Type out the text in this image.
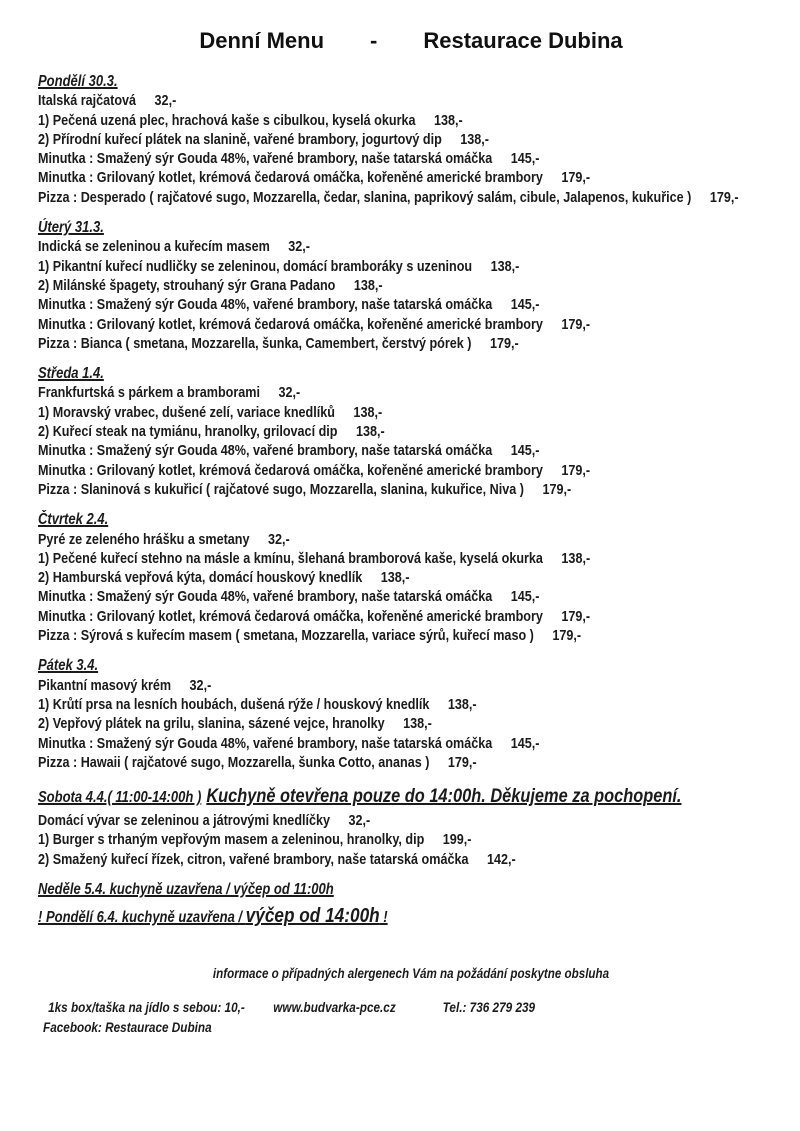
Denní Menu - Restaurace Dubina
Pondělí 30.3.
Italská rajčatová 32,-
1) Pečená uzená plec, hrachová kaše s cibulkou, kyselá okurka 138,-
2) Přírodní kuřecí plátek na slanině, vařené brambory, jogurtový dip 138,-
Minutka : Smažený sýr Gouda 48%, vařené brambory, naše tatarská omáčka 145,-
Minutka : Grilovaný kotlet, krémová čedarová omáčka, kořeněné americké brambory 179,-
Pizza : Desperado ( rajčatové sugo, Mozzarella, čedar, slanina, paprikový salám, cibule, Jalapenos, kukuřice ) 179,-
Úterý 31.3.
Indická se zeleninou a kuřecím masem 32,-
1) Pikantní kuřecí nudličky se zeleninou, domácí bramboráky s uzeninou 138,-
2) Milánské špagety, strouhaný sýr Grana Padano 138,-
Minutka : Smažený sýr Gouda 48%, vařené brambory, naše tatarská omáčka 145,-
Minutka : Grilovaný kotlet, krémová čedarová omáčka, kořeněné americké brambory 179,-
Pizza : Bianca ( smetana, Mozzarella, šunka, Camembert, čerstvý pórek ) 179,-
Středa 1.4.
Frankfurtská s párkem a bramborami 32,-
1) Moravský vrabec, dušené zelí, variace knedlíků 138,-
2) Kuřecí steak na tymiánu, hranolky, grilovací dip 138,-
Minutka : Smažený sýr Gouda 48%, vařené brambory, naše tatarská omáčka 145,-
Minutka : Grilovaný kotlet, krémová čedarová omáčka, kořeněné americké brambory 179,-
Pizza : Slaninová s kukuřicí ( rajčatové sugo, Mozzarella, slanina, kukuřice, Niva ) 179,-
Čtvrtek 2.4.
Pyré ze zeleného hrášku a smetany 32,-
1) Pečené kuřecí stehno na másle a kmínu, šlehaná bramborová kaše, kyselá okurka 138,-
2) Hamburská vepřová kýta, domácí houskový knedlík 138,-
Minutka : Smažený sýr Gouda 48%, vařené brambory, naše tatarská omáčka 145,-
Minutka : Grilovaný kotlet, krémová čedarová omáčka, kořeněné americké brambory 179,-
Pizza : Sýrová s kuřecím masem ( smetana, Mozzarella, variace sýrů, kuřecí maso ) 179,-
Pátek 3.4.
Pikantní masový krém 32,-
1) Krůtí prsa na lesních houbách, dušená rýže / houskový knedlík 138,-
2) Vepřový plátek na grilu, slanina, sázené vejce, hranolky 138,-
Minutka : Smažený sýr Gouda 48%, vařené brambory, naše tatarská omáčka 145,-
Pizza : Hawaii ( rajčatové sugo, Mozzarella, šunka Cotto, ananas ) 179,-
Sobota 4.4.( 11:00-14:00h ) Kuchyně otevřena pouze do 14:00h. Děkujeme za pochopení.
Domácí vývar se zeleninou a játrovými knedlíčky 32,-
1) Burger s trhaným vepřovým masem a zeleninou, hranolky, dip 199,-
2) Smažený kuřecí řízek, citron, vařené brambory, naše tatarská omáčka 142,-
Neděle 5.4. kuchyně uzavřena / výčep od 11:00h
! Pondělí 6.4. kuchyně uzavřena / výčep od 14:00h !
informace o případných alergenech Vám na požádání poskytne obsluha
1ks box/taška na jídlo s sebou: 10,- www.budvarka-pce.cz	Tel.: 736 279 239
Facebook: Restaurace Dubina
